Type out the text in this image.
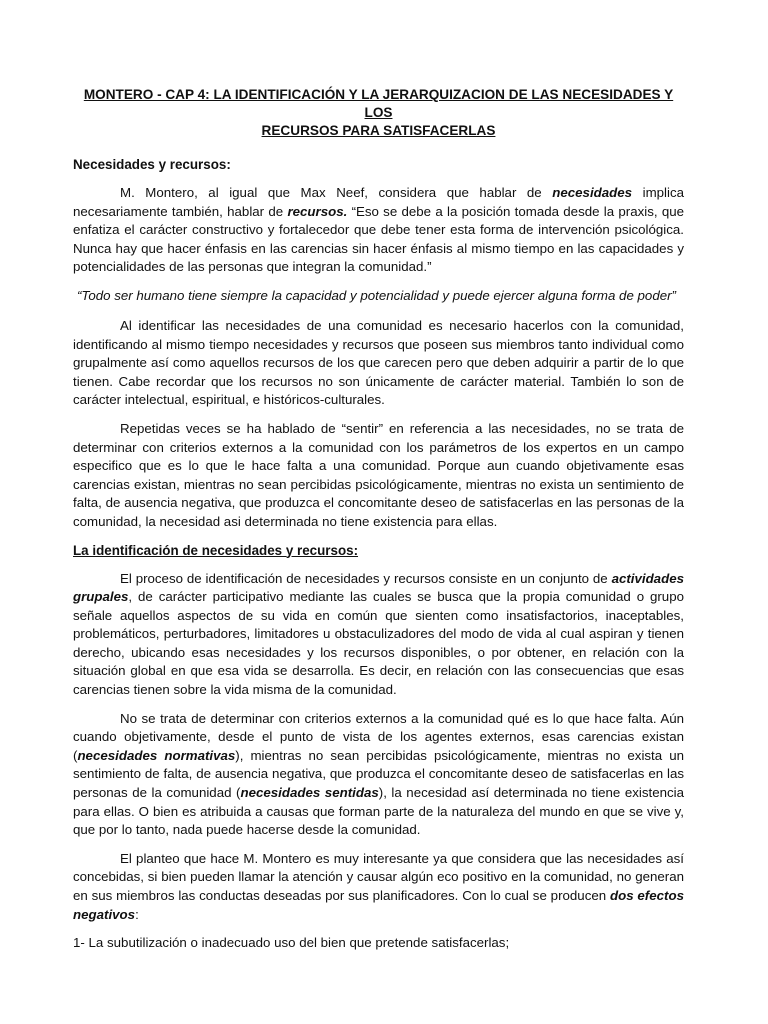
MONTERO - CAP 4: LA IDENTIFICACIÓN Y LA JERARQUIZACION DE LAS NECESIDADES Y LOS
RECURSOS PARA SATISFACERLAS
Necesidades y recursos:

M. Montero, al igual que Max Neef, considera que hablar de necesidades implica necesariamente también, hablar de recursos. “Eso se debe a la posición tomada desde la praxis, que enfatiza el carácter constructivo y fortalecedor que debe tener esta forma de intervención psicológica. Nunca hay que hacer énfasis en las carencias sin hacer énfasis al mismo tiempo en las capacidades y potencialidades de las personas que integran la comunidad.”

“Todo ser humano tiene siempre la capacidad y potencialidad y puede ejercer alguna forma de poder”

Al identificar las necesidades de una comunidad es necesario hacerlos con la comunidad, identificando al mismo tiempo necesidades y recursos que poseen sus miembros tanto individual como grupalmente así como aquellos recursos de los que carecen pero que deben adquirir a partir de lo que tienen. Cabe recordar que los recursos no son únicamente de carácter material. También lo son de carácter intelectual, espiritual, e históricos-culturales.

Repetidas veces se ha hablado de “sentir” en referencia a las necesidades, no se trata de determinar con criterios externos a la comunidad con los parámetros de los expertos en un campo especifico que es lo que le hace falta a una comunidad. Porque aun cuando objetivamente esas carencias existan, mientras no sean percibidas psicológicamente, mientras no exista un sentimiento de falta, de ausencia negativa, que produzca el concomitante deseo de satisfacerlas en las personas de la comunidad, la necesidad asi determinada no tiene existencia para ellas.

La identificación de necesidades y recursos:

El proceso de identificación de necesidades y recursos consiste en un conjunto de actividades grupales, de carácter participativo mediante las cuales se busca que la propia comunidad o grupo señale aquellos aspectos de su vida en común que sienten como insatisfactorios, inaceptables, problemáticos, perturbadores, limitadores u obstaculizadores del modo de vida al cual aspiran y tienen derecho, ubicando esas necesidades y los recursos disponibles, o por obtener, en relación con la situación global en que esa vida se desarrolla. Es decir, en relación con las consecuencias que esas carencias tienen sobre la vida misma de la comunidad.

No se trata de determinar con criterios externos a la comunidad qué es lo que hace falta. Aún cuando objetivamente, desde el punto de vista de los agentes externos, esas carencias existan (necesidades normativas), mientras no sean percibidas psicológicamente, mientras no exista un sentimiento de falta, de ausencia negativa, que produzca el concomitante deseo de satisfacerlas en las personas de la comunidad (necesidades sentidas), la necesidad así determinada no tiene existencia para ellas. O bien es atribuida a causas que forman parte de la naturaleza del mundo en que se vive y, que por lo tanto, nada puede hacerse desde la comunidad.

El planteo que hace M. Montero es muy interesante ya que considera que las necesidades así concebidas, si bien pueden llamar la atención y causar algún eco positivo en la comunidad, no generan en sus miembros las conductas deseadas por sus planificadores. Con lo cual se producen dos efectos negativos:

1- La subutilización o inadecuado uso del bien que pretende satisfacerlas;
